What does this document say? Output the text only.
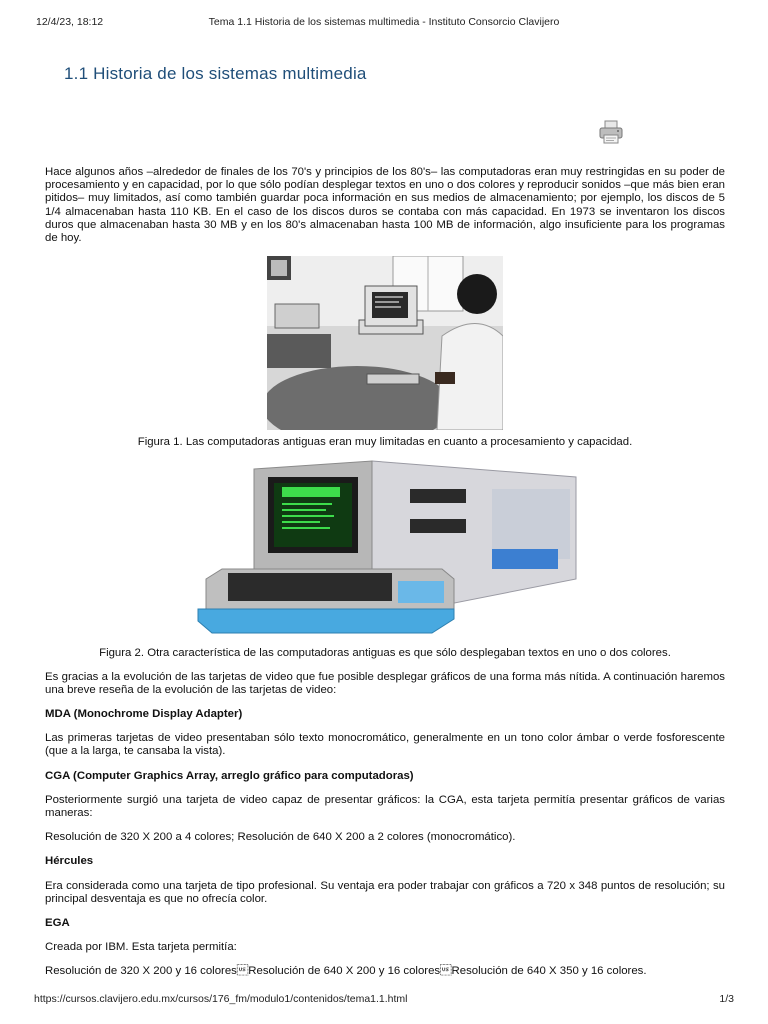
12/4/23, 18:12	Tema 1.1 Historia de los sistemas multimedia - Instituto Consorcio Clavijero
1.1 Historia de los sistemas multimedia

Hace algunos años –alrededor de finales de los 70's y principios de los 80's– las computadoras eran muy restringidas en su poder de procesamiento y en capacidad, por lo que sólo podían desplegar textos en uno o dos colores y reproducir sonidos –que más bien eran pitidos– muy limitados, así como también guardar poca información en sus medios de almacenamiento; por ejemplo, los discos de 5 1/4 almacenaban hasta 110 KB. En el caso de los discos duros se contaba con más capacidad. En 1973 se inventaron los discos duros que almacenaban hasta 30 MB y en los 80's almacenaban hasta 100 MB de información, algo insuficiente para los programas de hoy.

Figura 1. Las computadoras antiguas eran muy limitadas en cuanto a procesamiento y capacidad.
Figura 2. Otra característica de las computadoras antiguas es que sólo desplegaban textos en uno o dos colores.

Es gracias a la evolución de las tarjetas de video que fue posible desplegar gráficos de una forma más nítida. A continuación haremos una breve reseña de la evolución de las tarjetas de video:

MDA (Monochrome Display Adapter)

Las primeras tarjetas de video presentaban sólo texto monocromático, generalmente en un tono color ámbar o verde fosforescente (que a la larga, te cansaba la vista).

CGA (Computer Graphics Array, arreglo gráfico para computadoras)

Posteriormente surgió una tarjeta de video capaz de presentar gráficos: la CGA, esta tarjeta permitía presentar gráficos de varias maneras:

Resolución de 320 X 200 a 4 colores; Resolución de 640 X 200 a 2 colores (monocromático).

Hércules

Era considerada como una tarjeta de tipo profesional. Su ventaja era poder trabajar con gráficos a 720 x 348 puntos de resolución; su principal desventaja es que no ofrecía color.

EGA

Creada por IBM. Esta tarjeta permitía:

Resolución de 320 X 200 y 16 coloresResolución de 640 X 200 y 16 coloresResolución de 640 X 350 y 16 colores.

https://cursos.clavijero.edu.mx/cursos/176_fm/modulo1/contenidos/tema1.1.html	1/3
